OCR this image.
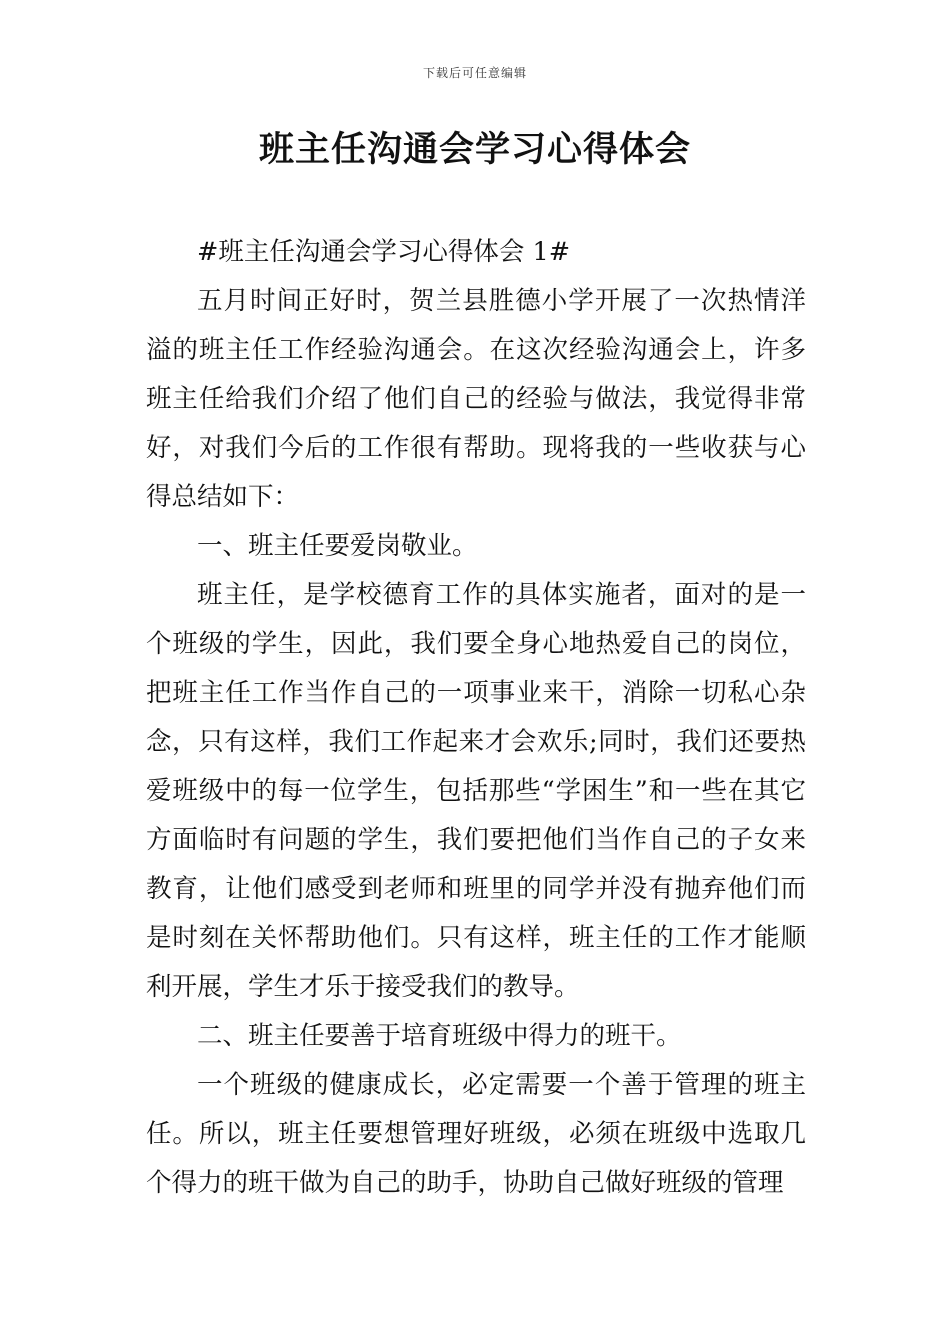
下载后可任意编辑
班主任沟通会学习心得体会

#班主任沟通会学习心得体会 1#

五月时间正好时，贺兰县胜德小学开展了一次热情洋溢的班主任工作经验沟通会。在这次经验沟通会上，许多班主任给我们介绍了他们自己的经验与做法，我觉得非常好，对我们今后的工作很有帮助。现将我的一些收获与心得总结如下：

一、班主任要爱岗敬业。

班主任，是学校德育工作的具体实施者，面对的是一个班级的学生，因此，我们要全身心地热爱自己的岗位，把班主任工作当作自己的一项事业来干，消除一切私心杂念，只有这样，我们工作起来才会欢乐;同时，我们还要热爱班级中的每一位学生，包括那些“学困生”和一些在其它方面临时有问题的学生，我们要把他们当作自己的子女来教育，让他们感受到老师和班里的同学并没有抛弃他们而是时刻在关怀帮助他们。只有这样，班主任的工作才能顺利开展，学生才乐于接受我们的教导。

二、班主任要善于培育班级中得力的班干。

一个班级的健康成长，必定需要一个善于管理的班主任。所以，班主任要想管理好班级，必须在班级中选取几个得力的班干做为自己的助手，协助自己做好班级的管理
